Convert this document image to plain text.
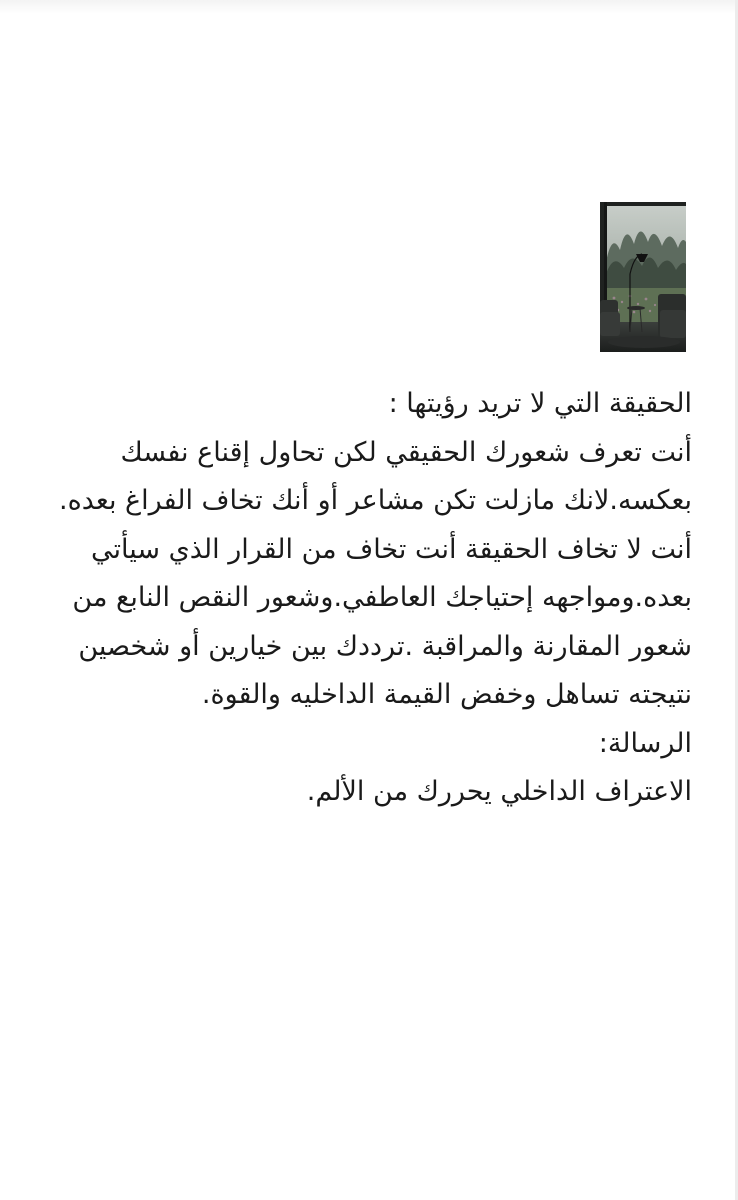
الحقيقة التي لا تريد رؤيتها :
أنت تعرف شعورك الحقيقي لكن تحاول إقناع نفسك
بعكسه.لانك مازلت تكن مشاعر أو أنك تخاف الفراغ بعده.
أنت لا تخاف الحقيقة أنت تخاف من القرار الذي سيأتي
بعده.ومواجهه إحتياجك العاطفي.وشعور النقص النابع من
شعور المقارنة والمراقبة .ترددك بين خيارين أو شخصين
نتيجته تساهل وخفض القيمة الداخليه والقوة.
الرسالة:
الاعتراف الداخلي يحررك من الألم.
